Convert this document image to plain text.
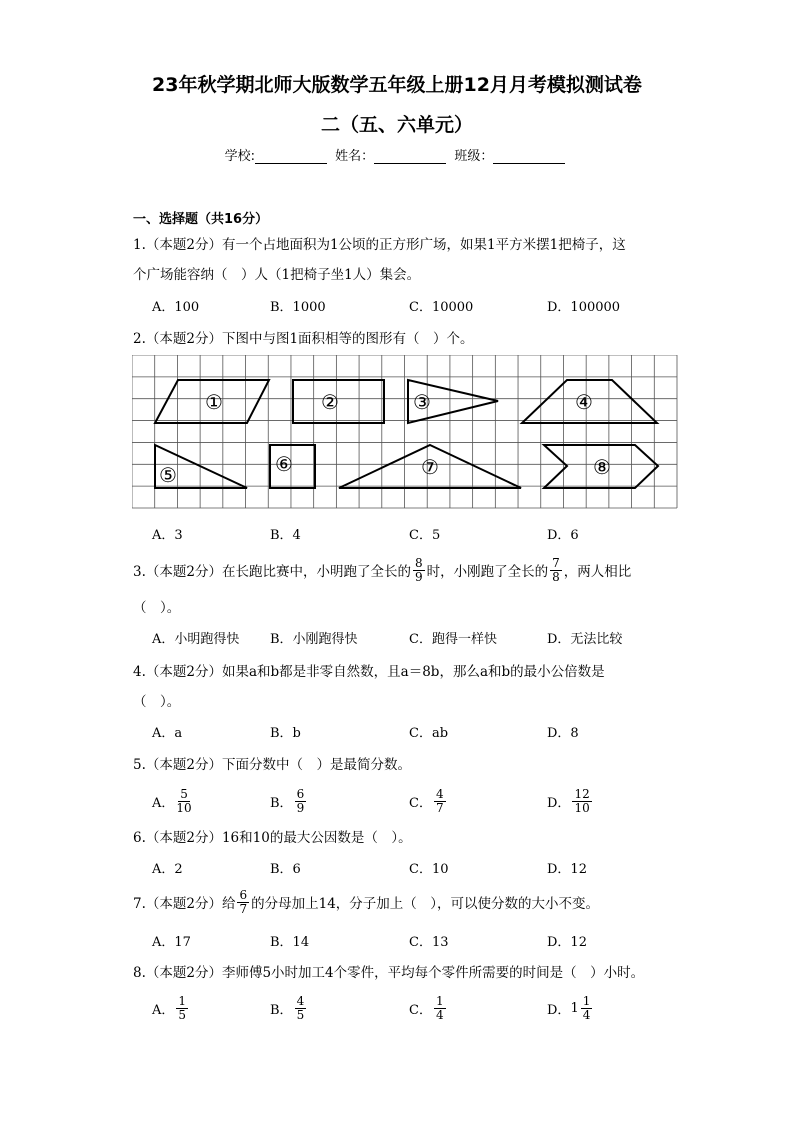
23年秋学期北师大版数学五年级上册12月月考模拟测试卷
二（五、六单元）
学校:	姓名：	班级：
一、选择题（共16分）
1.（本题2分）有一个占地面积为1公顷的正方形广场，如果1平方米摆1把椅子，这
个广场能容纳（　）人（1把椅子坐1人）集会。
A．100	B．1000	C．10000	D．100000
2.（本题2分）下图中与图1面积相等的图形有（　）个。
①	②	③	④
⑤	⑥	⑦	⑧
A．3	B．4	C．5	D．6
3.（本题2分）在长跑比赛中，小明跑了全长的 $\frac{8}{9}$ 时，小刚跑了全长的 $\frac{7}{8}$ ，两人相比
（　）。
A．小明跑得快 B．小刚跑得快	C．跑得一样快	D．无法比较
4.（本题2分）如果a和b都是非零自然数，且a＝8b，那么a和b的最小公倍数是
（　）。
A．a	B．b	C．ab	D．8
5.（本题2分）下面分数中（　）是最简分数。
A． $\frac{5}{10}$	B． $\frac{6}{9}$	C． $\frac{4}{7}$	D． $\frac{12}{10}$
6.（本题2分）16和10的最大公因数是（　）。
A．2	B．6	C．10	D．12
7.（本题2分）给 $\frac{6}{7}$ 的分母加上14，分子加上（　），可以使分数的大小不变。
A．17	B．14	C．13	D．12
8.（本题2分）李师傅5小时加工4个零件，平均每个零件所需要的时间是（　）小时。
A． $\frac{1}{5}$	B． $\frac{4}{5}$	C． $\frac{1}{4}$	D． $1 \frac{1}{4}$
